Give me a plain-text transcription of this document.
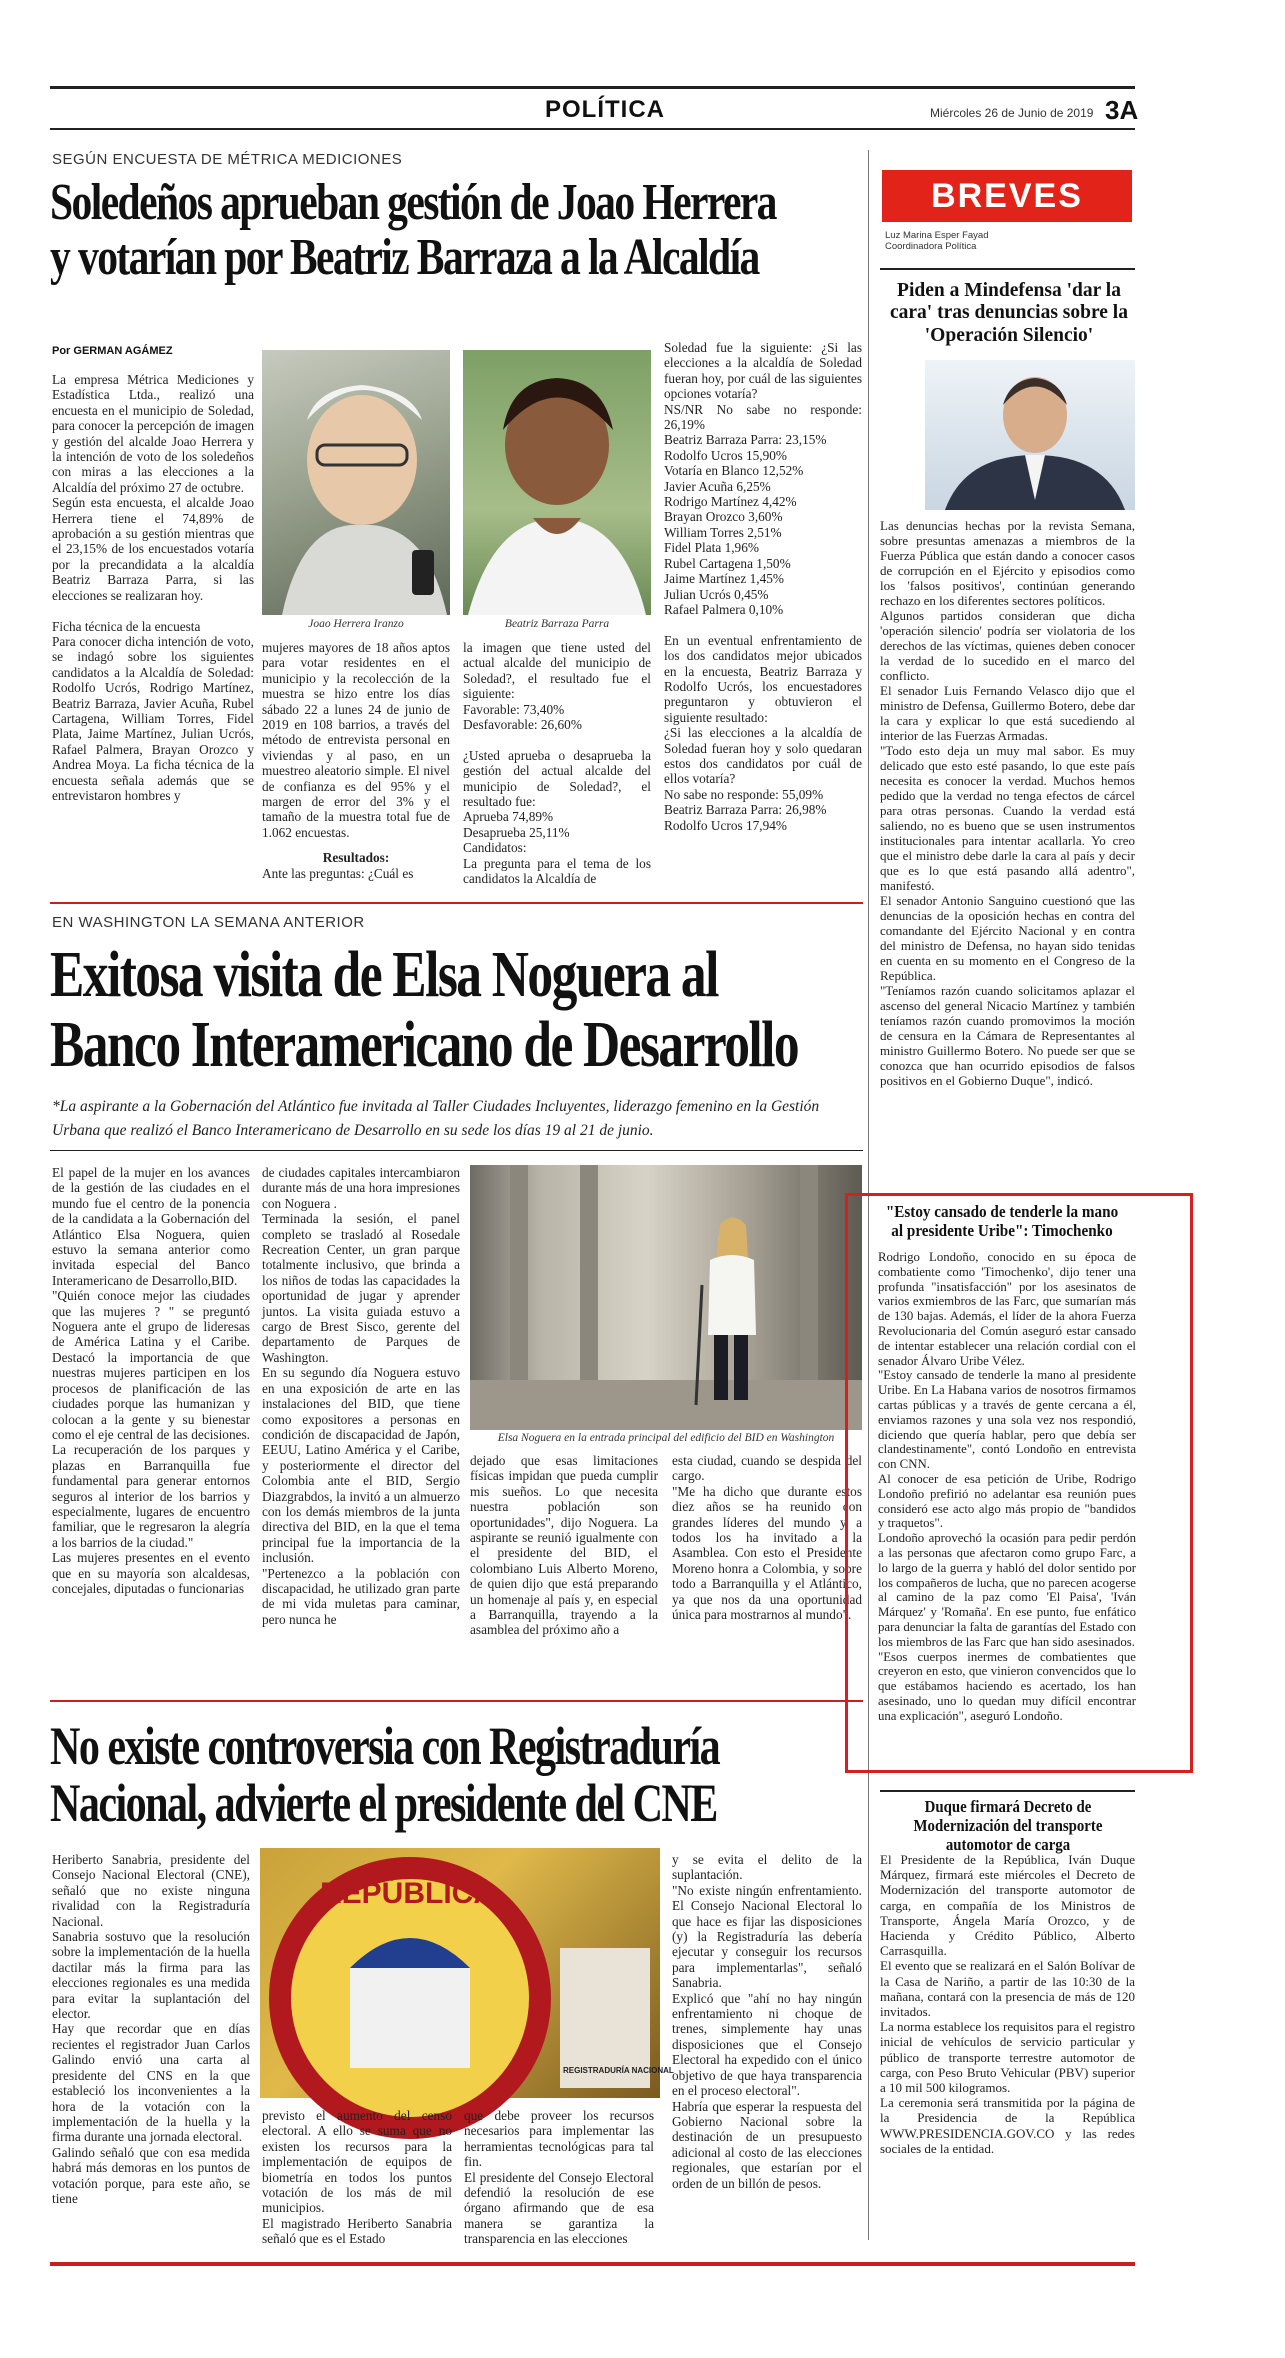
POLÍTICA	Miércoles 26 de Junio de 2019 3A
SEGÚN ENCUESTA DE MÉTRICA MEDICIONES
Soledeños aprueban gestión de Joao Herrera
y votarían por Beatriz Barraza a la Alcaldía
Por GERMAN AGÁMEZ
La empresa Métrica Mediciones y Estadística Ltda., realizó una encuesta en el municipio de Soledad, para conocer la percepción de imagen y gestión del alcalde Joao Herrera y la intención de voto de los soledeños con miras a las elecciones a la Alcaldía del próximo 27 de octubre.
Según esta encuesta, el alcalde Joao Herrera tiene el 74,89% de aprobación a su gestión mientras que el 23,15% de los encuestados votaría por la precandidata a la alcaldía Beatriz Barraza Parra, si las elecciones se realizaran hoy.

Ficha técnica de la encuesta
Para conocer dicha intención de voto, se indagó sobre los siguientes candidatos a la Alcaldía de Soledad: Rodolfo Ucrós, Rodrigo Martínez, Beatriz Barraza, Javier Acuña, Rubel Cartagena, William Torres, Fidel Plata, Jaime Martínez, Julian Ucrós, Rafael Palmera, Brayan Orozco y Andrea Moya. La ficha técnica de la encuesta señala además que se entrevistaron hombres y
Joao Herrera Iranzo	Beatriz Barraza Parra
mujeres mayores de 18 años aptos para votar residentes en el municipio y la recolección de la muestra se hizo entre los días sábado 22 a lunes 24 de junio de 2019 en 108 barrios, a través del método de entrevista personal en viviendas y al paso, en un muestreo aleatorio simple. El nivel de confianza es del 95% y el margen de error del 3% y el tamaño de la muestra total fue de 1.062 encuestas.
Resultados:
Ante las preguntas: ¿Cuál es
la imagen que tiene usted del actual alcalde del municipio de Soledad?, el resultado fue el siguiente:
Favorable: 73,40%
Desfavorable: 26,60%

¿Usted aprueba o desaprueba la gestión del actual alcalde del municipio de Soledad?, el resultado fue:
Aprueba 74,89%
Desaprueba 25,11%
Candidatos:
La pregunta para el tema de los candidatos la Alcaldía de
Soledad fue la siguiente: ¿Si las elecciones a la alcaldía de Soledad fueran hoy, por cuál de las siguientes opciones votaría?
NS/NR No sabe no responde: 26,19%
Beatriz Barraza Parra: 23,15%
Rodolfo Ucros 15,90%
Votaría en Blanco 12,52%
Javier Acuña 6,25%
Rodrigo Martínez 4,42%
Brayan Orozco 3,60%
William Torres 2,51%
Fidel Plata 1,96%
Rubel Cartagena 1,50%
Jaime Martínez 1,45%
Julian Ucrós 0,45%
Rafael Palmera 0,10%

En un eventual enfrentamiento de los dos candidatos mejor ubicados en la encuesta, Beatriz Barraza y Rodolfo Ucrós, los encuestadores preguntaron y obtuvieron el siguiente resultado:
¿Si las elecciones a la alcaldía de Soledad fueran hoy y solo quedaran estos dos candidatos por cuál de ellos votaría?
No sabe no responde: 55,09%
Beatriz Barraza Parra: 26,98%
Rodolfo Ucros 17,94%
EN WASHINGTON LA SEMANA ANTERIOR
Exitosa visita de Elsa Noguera al
Banco Interamericano de Desarrollo
*La aspirante a la Gobernación del Atlántico fue invitada al Taller Ciudades Incluyentes, liderazgo femenino en la Gestión Urbana que realizó el Banco Interamericano de Desarrollo en su sede los días 19 al 21 de junio.
El papel de la mujer en los avances de la gestión de las ciudades en el mundo fue el centro de la ponencia de la candidata a la Gobernación del Atlántico Elsa Noguera, quien estuvo la semana anterior como invitada especial del Banco Interamericano de Desarrollo,BID.
"Quién conoce mejor las ciudades que las mujeres ? " se preguntó Noguera ante el grupo de lideresas de América Latina y el Caribe. Destacó la importancia de que nuestras mujeres participen en los procesos de planificación de las ciudades porque las humanizan y colocan a la gente y su bienestar como el eje central de las decisiones. La recuperación de los parques y plazas en Barranquilla fue fundamental para generar entornos seguros al interior de los barrios y especialmente, lugares de encuentro familiar, que le regresaron la alegría a los barrios de la ciudad."
Las mujeres presentes en el evento que en su mayoría son alcaldesas, concejales, diputadas o funcionarias
de ciudades capitales intercambiaron durante más de una hora impresiones con Noguera .
Terminada la sesión, el panel completo se trasladó al Rosedale Recreation Center, un gran parque totalmente inclusivo, que brinda a los niños de todas las capacidades la oportunidad de jugar y aprender juntos. La visita guiada estuvo a cargo de Brest Sisco, gerente del departamento de Parques de Washington.
En su segundo día Noguera estuvo en una exposición de arte en las instalaciones del BID, que tiene como expositores a personas en condición de discapacidad de Japón, EEUU, Latino América y el Caribe, y posteriormente el director del Colombia ante el BID, Sergio Diazgrabdos, la invitó a un almuerzo con los demás miembros de la junta directiva del BID, en la que el tema principal fue la importancia de la inclusión.
"Pertenezco a la población con discapacidad, he utilizado gran parte de mi vida muletas para caminar, pero nunca he
Elsa Noguera en la entrada principal del edificio del BID en Washington
dejado que esas limitaciones físicas impidan que pueda cumplir mis sueños. Lo que necesita nuestra población son oportunidades", dijo Noguera. La aspirante se reunió igualmente con el presidente del BID, el colombiano Luis Alberto Moreno, de quien dijo que está preparando un homenaje al país y, en especial a Barranquilla, trayendo a la asamblea del próximo año a
esta ciudad, cuando se despida del cargo.
"Me ha dicho que durante estos diez años se ha reunido con grandes líderes del mundo y a todos los ha invitado a la Asamblea. Con esto el Presidente Moreno honra a Colombia, y sobre todo a Barranquilla y el Atlántico, ya que nos da una oportunidad única para mostrarnos al mundo".
No existe controversia con Registraduría
Nacional, advierte el presidente del CNE
Heriberto Sanabria, presidente del Consejo Nacional Electoral (CNE), señaló que no existe ninguna rivalidad con la Registraduría Nacional.
Sanabria sostuvo que la resolución sobre la implementación de la huella dactilar más la firma para las elecciones regionales es una medida para evitar la suplantación del elector.
Hay que recordar que en días recientes el registrador Juan Carlos Galindo envió una carta al presidente del CNS en la que estableció los inconvenientes a la hora de la votación con la implementación de la huella y la firma durante una jornada electoral.
Galindo señaló que con esa medida habrá más demoras en los puntos de votación porque, para este año, se tiene
REPÚBLICA
REGISTRADURÍA NACIONAL
previsto el aumento del censo electoral. A ello se suma que no existen los recursos para la implementación de equipos de biometría en todos los puntos votación de los más de mil municipios.
El magistrado Heriberto Sanabria señaló que es el Estado
que debe proveer los recursos necesarios para implementar las herramientas tecnológicas para tal fin.
El presidente del Consejo Electoral defendió la resolución de ese órgano afirmando que de esa manera se garantiza la transparencia en las elecciones
y se evita el delito de la suplantación.
"No existe ningún enfrentamiento. El Consejo Nacional Electoral lo que hace es fijar las disposiciones (y) la Registraduría las debería ejecutar y conseguir los recursos para implementarlas", señaló Sanabria.
Explicó que "ahí no hay ningún enfrentamiento ni choque de trenes, simplemente hay unas disposiciones que el Consejo Electoral ha expedido con el único objetivo de que haya transparencia en el proceso electoral".
Habría que esperar la respuesta del Gobierno Nacional sobre la destinación de un presupuesto adicional al costo de las elecciones regionales, que estarían por el orden de un billón de pesos.
BREVES
Luz Marina Esper Fayad
Coordinadora Política
Piden a Mindefensa 'dar la cara' tras denuncias sobre la 'Operación Silencio'
Las denuncias hechas por la revista Semana, sobre presuntas amenazas a miembros de la Fuerza Pública que están dando a conocer casos de corrupción en el Ejército y episodios como los 'falsos positivos', continúan generando rechazo en los diferentes sectores políticos.
Algunos partidos consideran que dicha 'operación silencio' podría ser violatoria de los derechos de las víctimas, quienes deben conocer la verdad de lo sucedido en el marco del conflicto.
El senador Luis Fernando Velasco dijo que el ministro de Defensa, Guillermo Botero, debe dar la cara y explicar lo que está sucediendo al interior de las Fuerzas Armadas.
"Todo esto deja un muy mal sabor. Es muy delicado que esto esté pasando, lo que este país necesita es conocer la verdad. Muchos hemos pedido que la verdad no tenga efectos de cárcel para otras personas. Cuando la verdad está saliendo, no es bueno que se usen instrumentos institucionales para intentar acallarla. Yo creo que el ministro debe darle la cara al país y decir que es lo que está pasando allá adentro", manifestó.
El senador Antonio Sanguino cuestionó que las denuncias de la oposición hechas en contra del comandante del Ejército Nacional y en contra del ministro de Defensa, no hayan sido tenidas en cuenta en su momento en el Congreso de la República.
"Teníamos razón cuando solicitamos aplazar el ascenso del general Nicacio Martínez y también teníamos razón cuando promovimos la moción de censura en la Cámara de Representantes al ministro Guillermo Botero. No puede ser que se conozca que han ocurrido episodios de falsos positivos en el Gobierno Duque", indicó.
"Estoy cansado de tenderle la mano al presidente Uribe": Timochenko
Rodrigo Londoño, conocido en su época de combatiente como 'Timochenko', dijo tener una profunda "insatisfacción" por los asesinatos de varios exmiembros de las Farc, que sumarían más de 130 bajas. Además, el líder de la ahora Fuerza Revolucionaria del Común aseguró estar cansado de intentar establecer una relación cordial con el senador Álvaro Uribe Vélez.
"Estoy cansado de tenderle la mano al presidente Uribe. En La Habana varios de nosotros firmamos cartas públicas y a través de gente cercana a él, enviamos razones y una sola vez nos respondió, diciendo que quería hablar, pero que debía ser clandestinamente", contó Londoño en entrevista con CNN.
Al conocer de esa petición de Uribe, Rodrigo Londoño prefirió no adelantar esa reunión pues consideró ese acto algo más propio de "bandidos y traquetos".
Londoño aprovechó la ocasión para pedir perdón a las personas que afectaron como grupo Farc, a lo largo de la guerra y habló del dolor sentido por los compañeros de lucha, que no parecen acogerse al camino de la paz como 'El Paisa', 'Iván Márquez' y 'Romaña'. En ese punto, fue enfático para denunciar la falta de garantías del Estado con los miembros de las Farc que han sido asesinados.
"Esos cuerpos inermes de combatientes que creyeron en esto, que vinieron convencidos que lo que estábamos haciendo es acertado, los han asesinado, uno lo quedan muy difícil encontrar una explicación", aseguró Londoño.
Duque firmará Decreto de Modernización del transporte automotor de carga
El Presidente de la República, Iván Duque Márquez, firmará este miércoles el Decreto de Modernización del transporte automotor de carga, en compañía de los Ministros de Transporte, Ángela María Orozco, y de Hacienda y Crédito Público, Alberto Carrasquilla.
El evento que se realizará en el Salón Bolívar de la Casa de Nariño, a partir de las 10:30 de la mañana, contará con la presencia de más de 120 invitados.
La norma establece los requisitos para el registro inicial de vehículos de servicio particular y público de transporte terrestre automotor de carga, con Peso Bruto Vehicular (PBV) superior a 10 mil 500 kilogramos.
La ceremonia será transmitida por la página de la Presidencia de la República WWW.PRESIDENCIA.GOV.CO y las redes sociales de la entidad.
